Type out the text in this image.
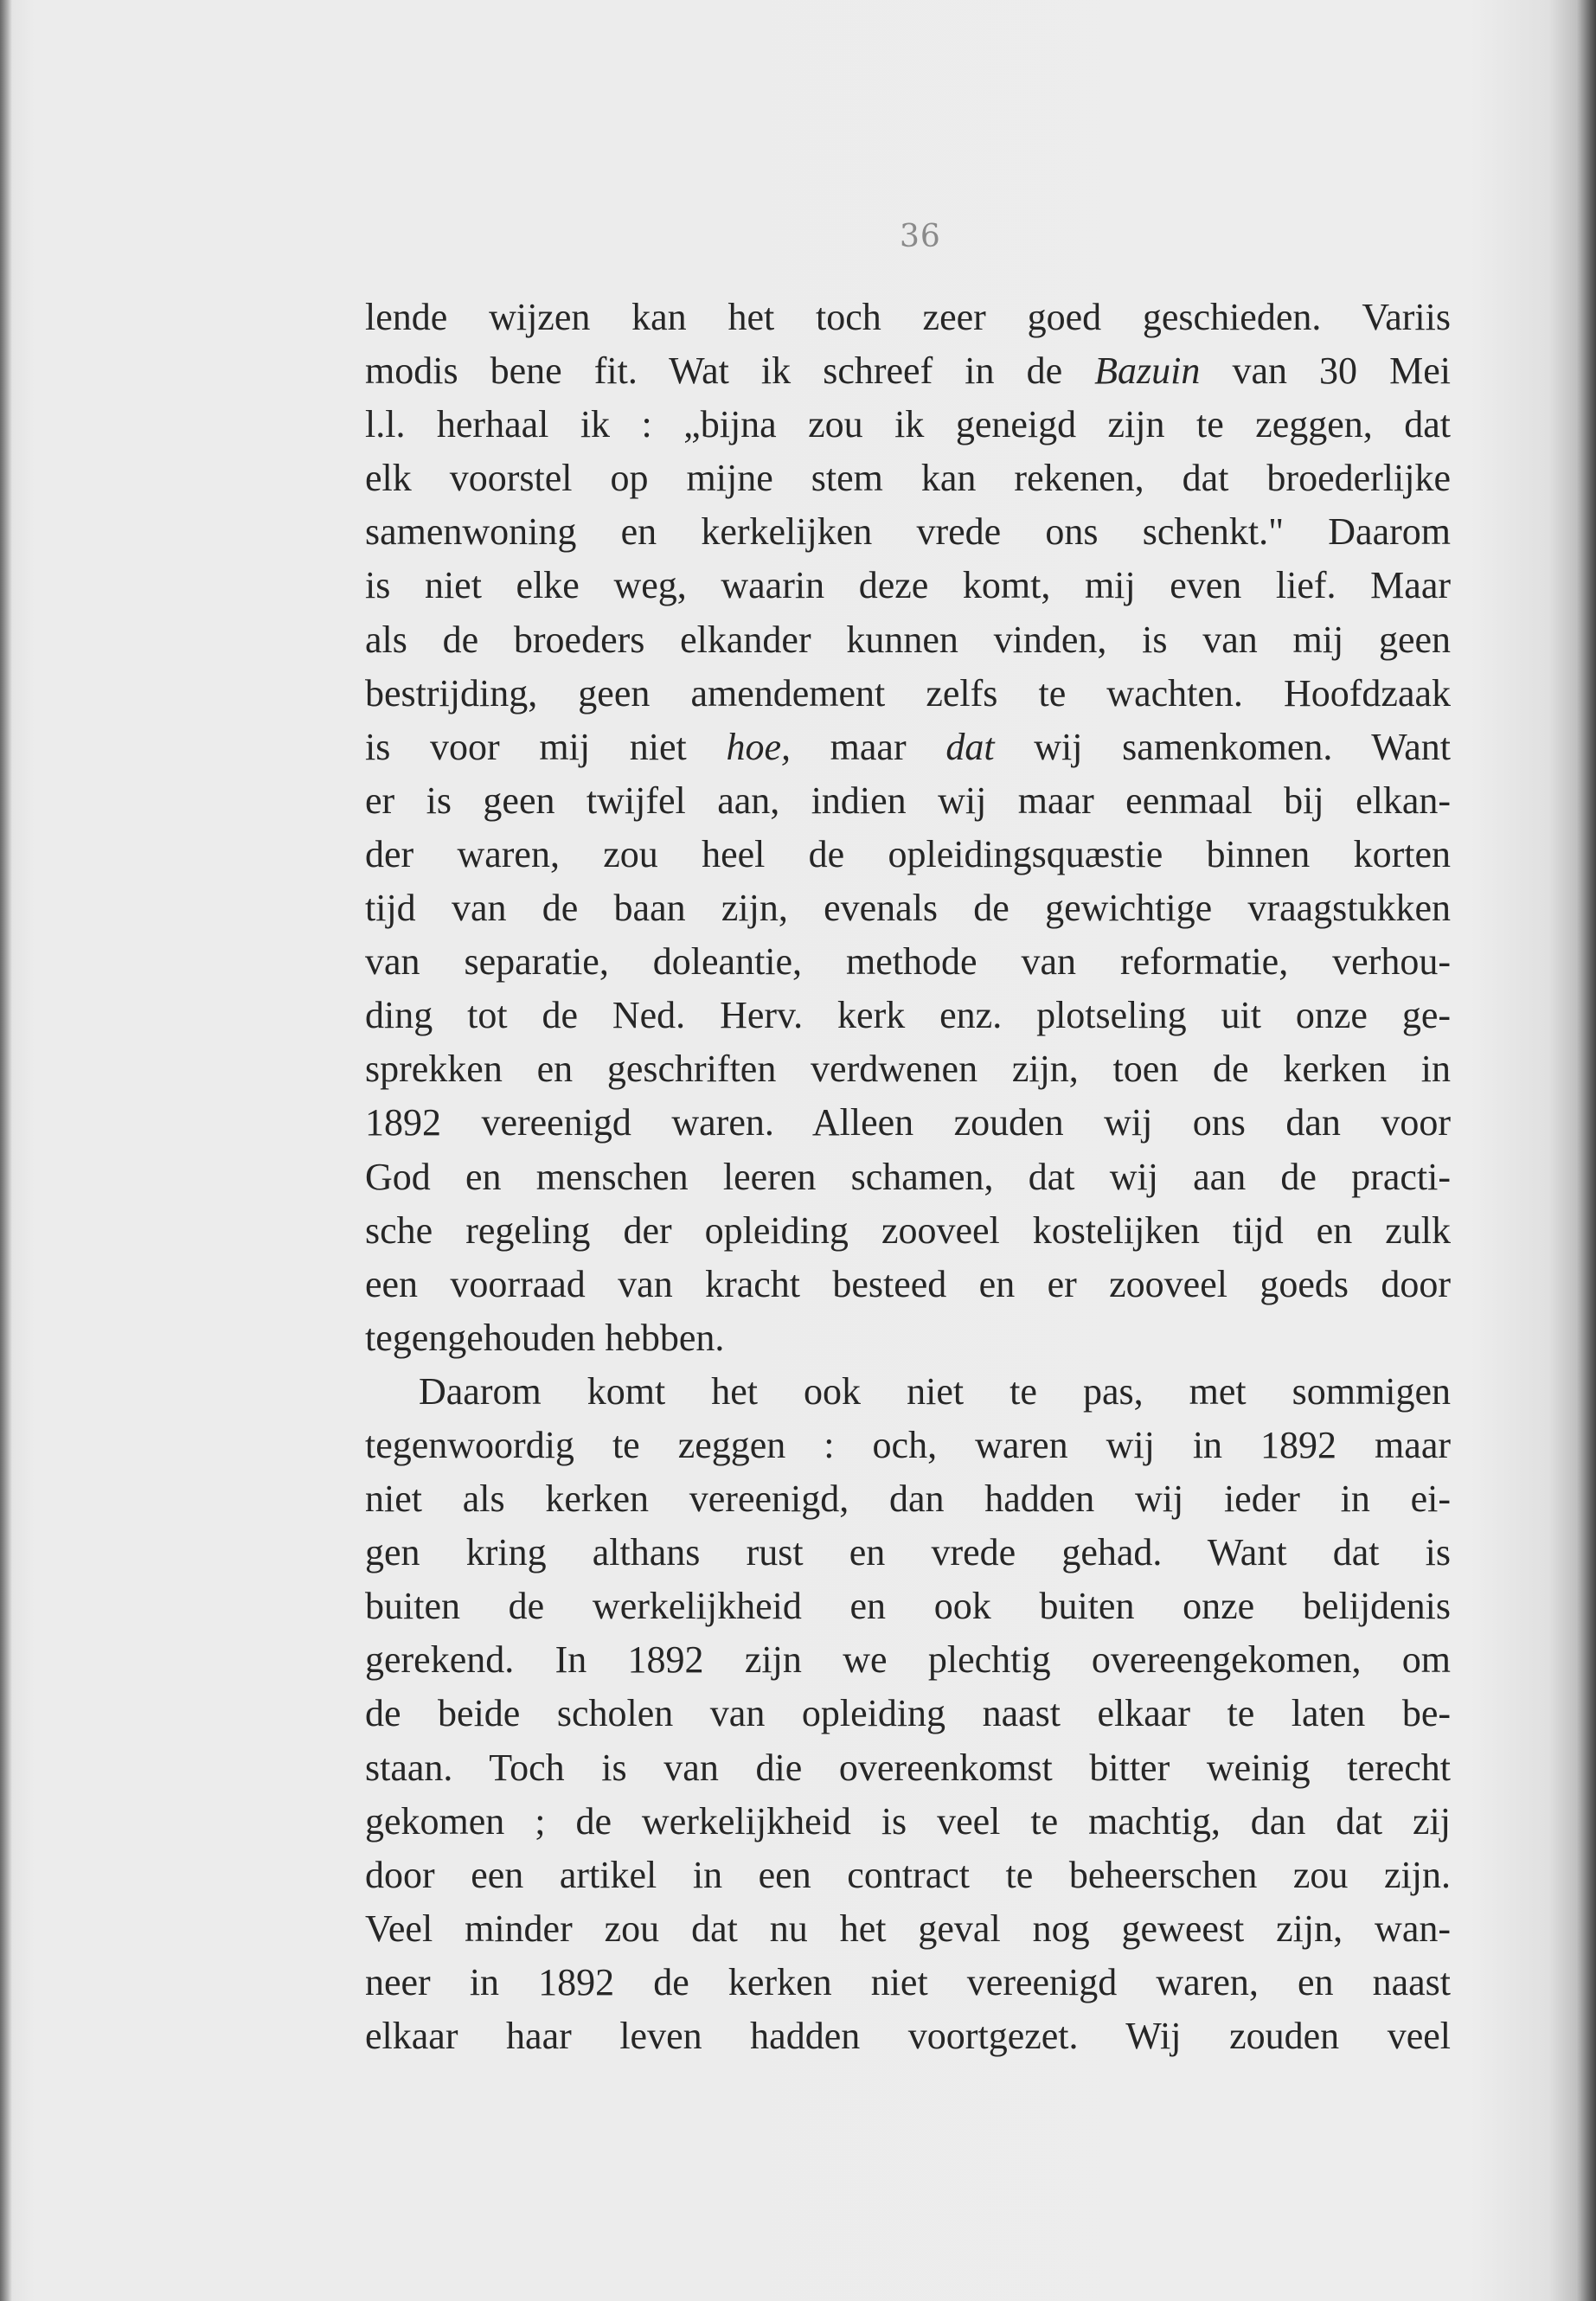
36
lende wijzen kan het toch zeer goed geschieden. Variis
modis bene fit. Wat ik schreef in de Bazuin van 30 Mei
l.l. herhaal ik : „bijna zou ik geneigd zijn te zeggen, dat
elk voorstel op mijne stem kan rekenen, dat broederlijke
samenwoning en kerkelijken vrede ons schenkt." Daarom
is niet elke weg, waarin deze komt, mij even lief. Maar
als de broeders elkander kunnen vinden, is van mij geen
bestrijding, geen amendement zelfs te wachten. Hoofdzaak
is voor mij niet hoe, maar dat wij samenkomen. Want
er is geen twijfel aan, indien wij maar eenmaal bij elkan-
der waren, zou heel de opleidingsquæstie binnen korten
tijd van de baan zijn, evenals de gewichtige vraagstukken
van separatie, doleantie, methode van reformatie, verhou-
ding tot de Ned. Herv. kerk enz. plotseling uit onze ge-
sprekken en geschriften verdwenen zijn, toen de kerken in
1892 vereenigd waren. Alleen zouden wij ons dan voor
God en menschen leeren schamen, dat wij aan de practi-
sche regeling der opleiding zooveel kostelijken tijd en zulk
een voorraad van kracht besteed en er zooveel goeds door
tegengehouden hebben.
Daarom komt het ook niet te pas, met sommigen
tegenwoordig te zeggen : och, waren wij in 1892 maar
niet als kerken vereenigd, dan hadden wij ieder in ei-
gen kring althans rust en vrede gehad. Want dat is
buiten de werkelijkheid en ook buiten onze belijdenis
gerekend. In 1892 zijn we plechtig overeengekomen, om
de beide scholen van opleiding naast elkaar te laten be-
staan. Toch is van die overeenkomst bitter weinig terecht
gekomen ; de werkelijkheid is veel te machtig, dan dat zij
door een artikel in een contract te beheerschen zou zijn.
Veel minder zou dat nu het geval nog geweest zijn, wan-
neer in 1892 de kerken niet vereenigd waren, en naast
elkaar haar leven hadden voortgezet. Wij zouden veel
